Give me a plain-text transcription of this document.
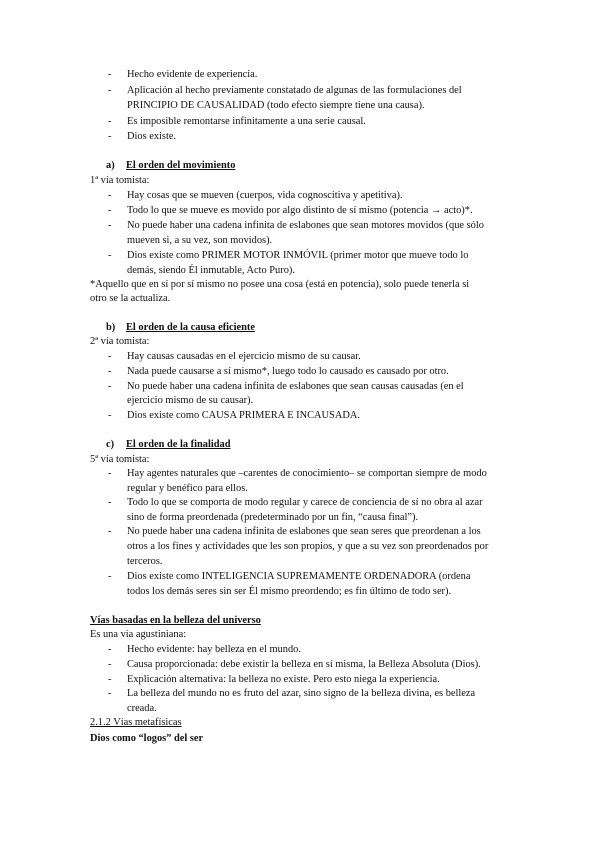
- Hecho evidente de experiencia.
- Aplicación al hecho previamente constatado de algunas de las formulaciones del
PRINCIPIO DE CAUSALIDAD (todo efecto siempre tiene una causa).
- Es imposible remontarse infinitamente a una serie causal.
- Dios existe.
a) El orden del movimiento
1ª vía tomista:
- Hay cosas que se mueven (cuerpos, vida cognoscitiva y apetitiva).
- Todo lo que se mueve es movido por algo distinto de sí mismo (potencia → acto)*.
- No puede haber una cadena infinita de eslabones que sean motores movidos (que sólo
mueven si, a su vez, son movidos).
- Dios existe como PRIMER MOTOR INMÓVIL (primer motor que mueve todo lo
demás, siendo Él inmutable, Acto Puro).
*Aquello que en sí por sí mismo no posee una cosa (está en potencia), solo puede tenerla si
otro se la actualiza.
b) El orden de la causa eficiente
2ª vía tomista:
- Hay causas causadas en el ejercicio mismo de su causar.
- Nada puede causarse a sí mismo*, luego todo lo causado es causado por otro.
- No puede haber una cadena infinita de eslabones que sean causas causadas (en el
ejercicio mismo de su causar).
- Dios existe como CAUSA PRIMERA E INCAUSADA.
c) El orden de la finalidad
5ª vía tomista:
- Hay agentes naturales que –carentes de conocimiento– se comportan siempre de modo
regular y benéfico para ellos.
- Todo lo que se comporta de modo regular y carece de conciencia de sí no obra al azar
sino de forma preordenada (predeterminado por un fin, “causa final”).
- No puede haber una cadena infinita de eslabones que sean seres que preordenan a los
otros a los fines y actividades que les son propios, y que a su vez son preordenados por
terceros.
- Dios existe como INTELIGENCIA SUPREMAMENTE ORDENADORA (ordena
todos los demás seres sin ser Él mismo preordendo; es fin último de todo ser).
Vías basadas en la belleza del universo
Es una vía agustiniana:
- Hecho evidente: hay belleza en el mundo.
- Causa proporcionada: debe existir la belleza en sí misma, la Belleza Absoluta (Dios).
- Explicación alternativa: la belleza no existe. Pero esto niega la experiencia.
- La belleza del mundo no es fruto del azar, sino signo de la belleza divina, es belleza
creada.
2.1.2 Vías metafísicas
Dios como “logos” del ser
